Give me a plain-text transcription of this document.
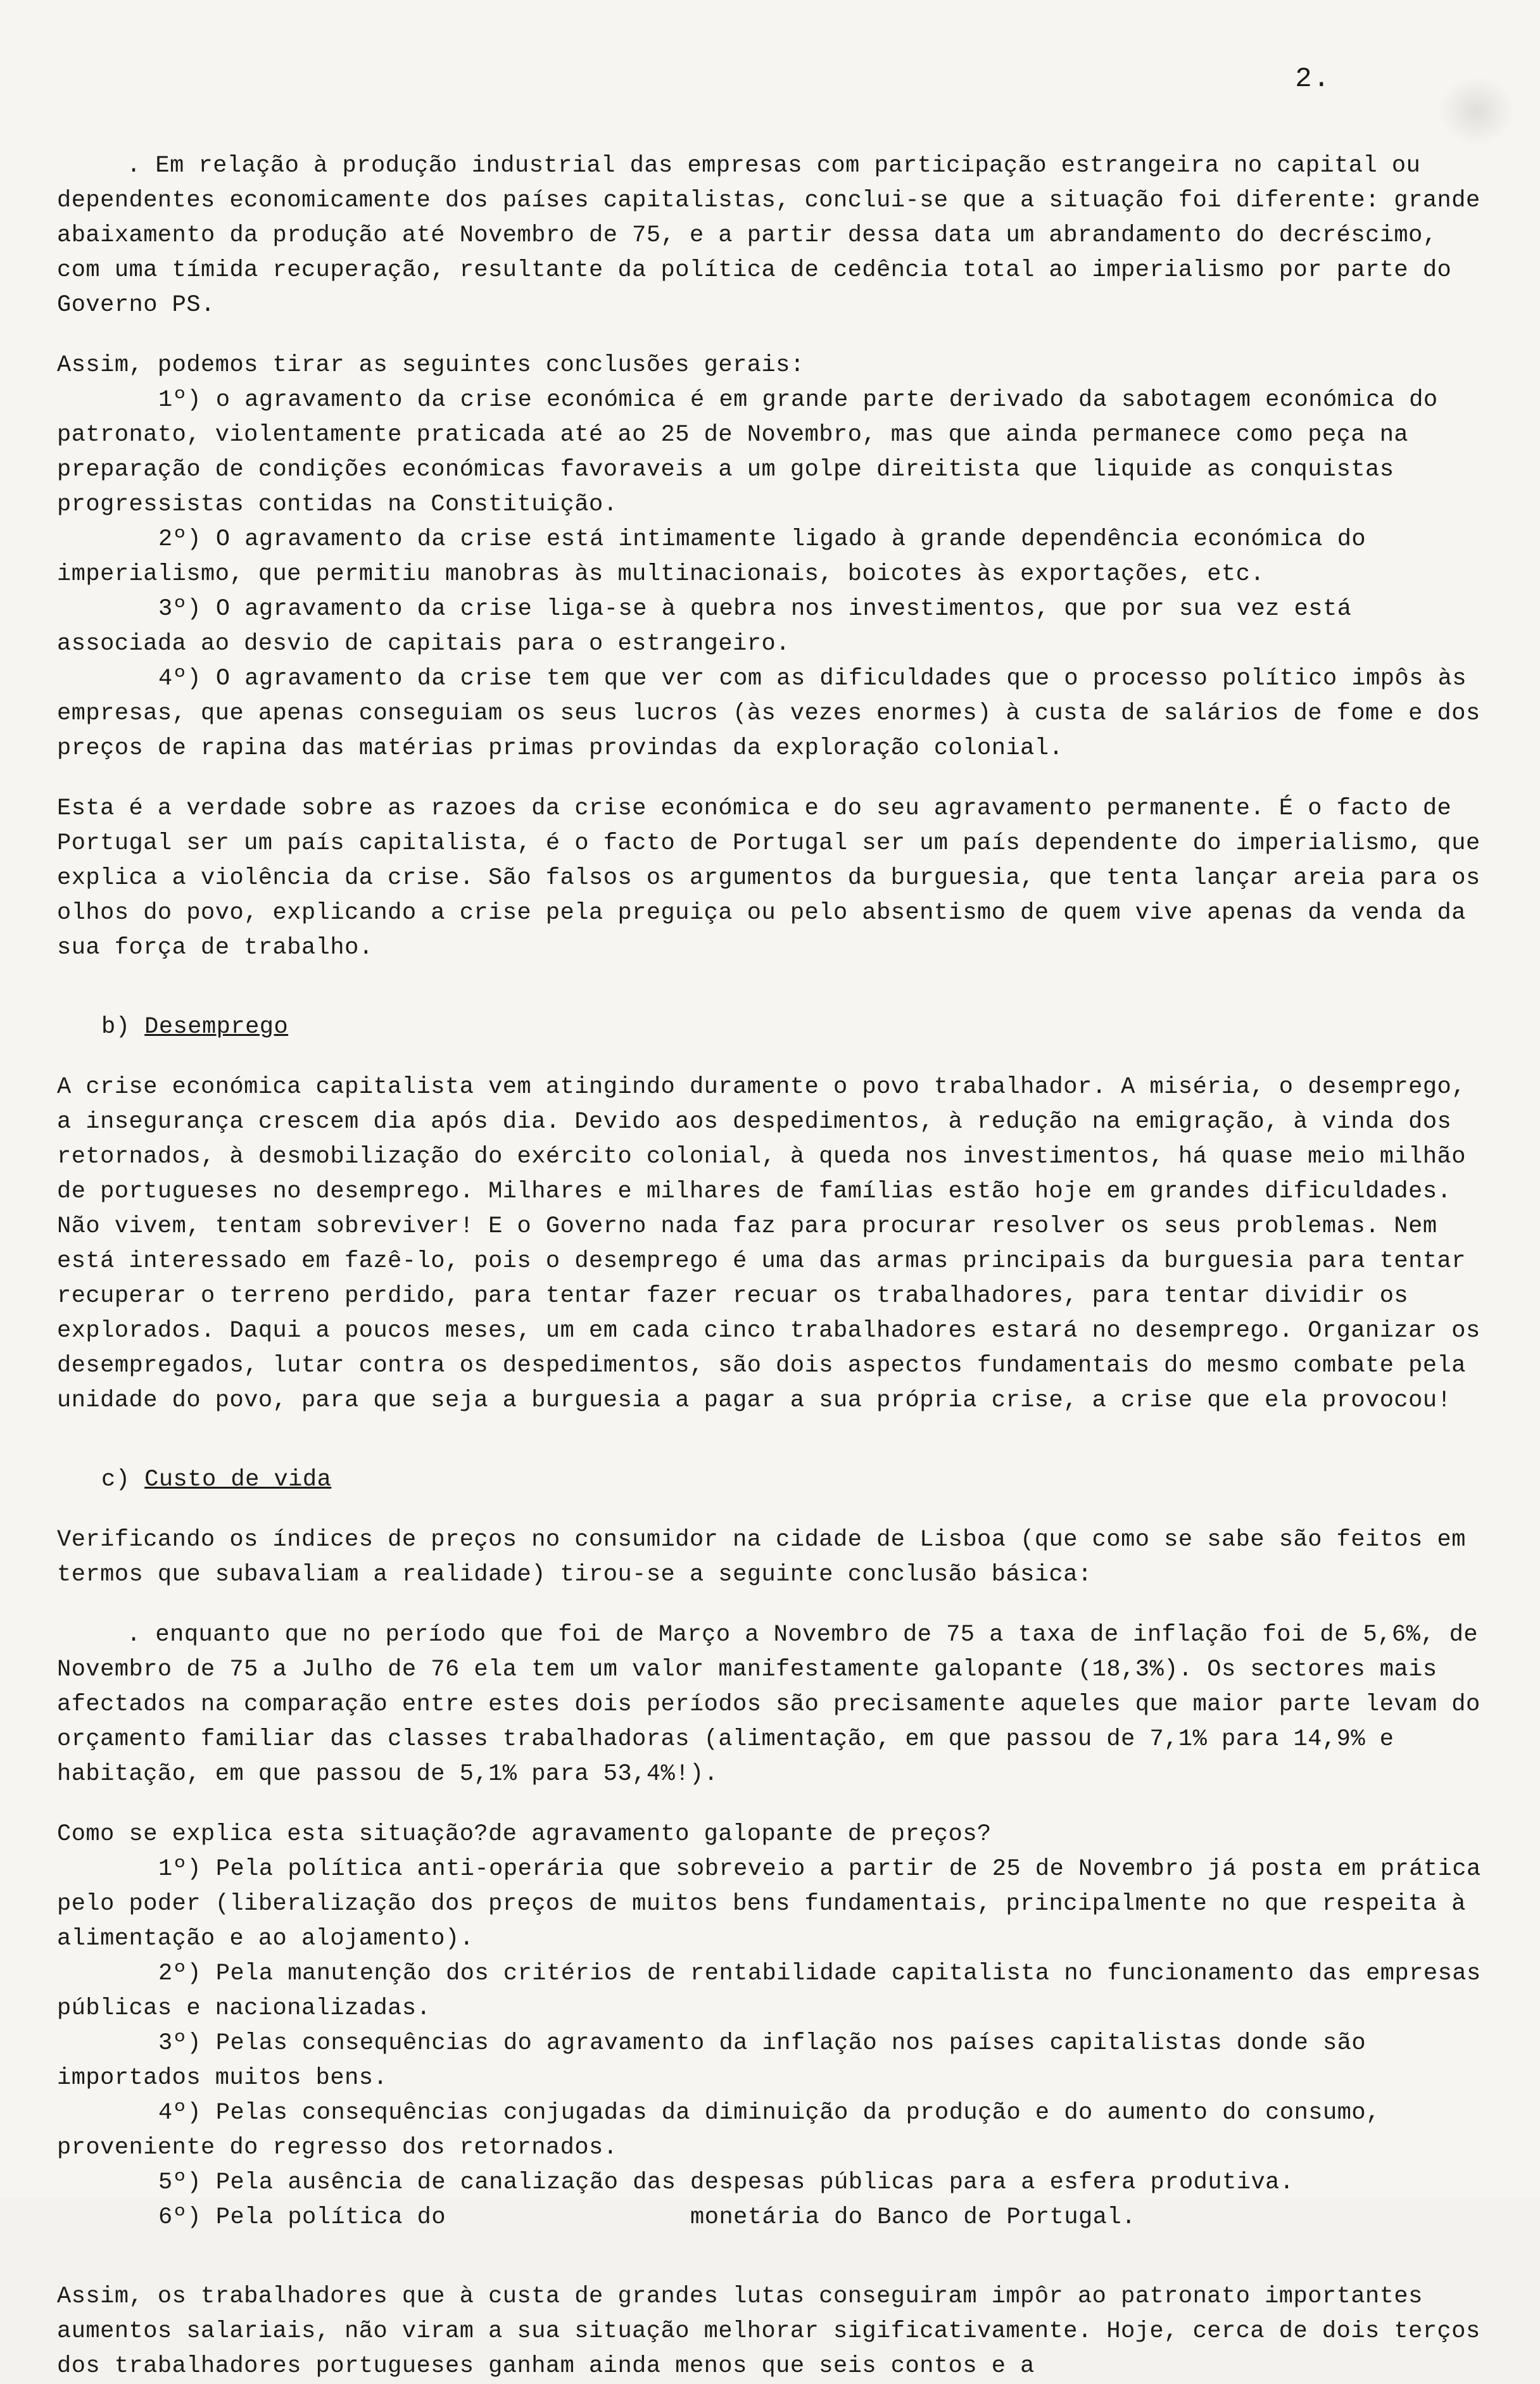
2.

. Em relação à produção industrial das empresas com participação estrangeira no capital ou dependentes economicamente dos países capitalistas, conclui-se que a situação foi diferente: grande abaixamento da produção até Novembro de 75, e a partir dessa data um abrandamento do decréscimo, com uma tímida recuperação, resultante da política de cedência total ao imperialismo por parte do Governo PS.

Assim, podemos tirar as seguintes conclusões gerais:

1º) o agravamento da crise económica é em grande parte derivado da sabotagem económica do patronato, violentamente praticada até ao 25 de Novembro, mas que ainda permanece como peça na preparação de condições económicas favoraveis a um golpe direitista que liquide as conquistas progressistas contidas na Constituição.

2º) O agravamento da crise está intimamente ligado à grande dependência económica do imperialismo, que permitiu manobras às multinacionais, boicotes às exportações, etc.

3º) O agravamento da crise liga-se à quebra nos investimentos, que por sua vez está associada ao desvio de capitais para o estrangeiro.

4º) O agravamento da crise tem que ver com as dificuldades que o processo político impôs às empresas, que apenas conseguiam os seus lucros (às vezes enormes) à custa de salários de fome e dos preços de rapina das matérias primas provindas da exploração colonial.

Esta é a verdade sobre as razoes da crise económica e do seu agravamento permanente. É o facto de Portugal ser um país capitalista, é o facto de Portugal ser um país dependente do imperialismo, que explica a violência da crise. São falsos os argumentos da burguesia, que tenta lançar areia para os olhos do povo, explicando a crise pela preguiça ou pelo absentismo de quem vive apenas da venda da sua força de trabalho.

b) Desemprego

A crise económica capitalista vem atingindo duramente o povo trabalhador. A miséria, o desemprego, a insegurança crescem dia após dia. Devido aos despedimentos, à redução na emigração, à vinda dos retornados, à desmobilização do exército colonial, à queda nos investimentos, há quase meio milhão de portugueses no desemprego. Milhares e milhares de famílias estão hoje em grandes dificuldades. Não vivem, tentam sobreviver! E o Governo nada faz para procurar resolver os seus problemas. Nem está interessado em fazê-lo, pois o desemprego é uma das armas principais da burguesia para tentar recuperar o terreno perdido, para tentar fazer recuar os trabalhadores, para tentar dividir os explorados. Daqui a poucos meses, um em cada cinco trabalhadores estará no desemprego. Organizar os desempregados, lutar contra os despedimentos, são dois aspectos fundamentais do mesmo combate pela unidade do povo, para que seja a burguesia a pagar a sua própria crise, a crise que ela provocou!

c) Custo de vida

Verificando os índices de preços no consumidor na cidade de Lisboa (que como se sabe são feitos em termos que subavaliam a realidade) tirou-se a seguinte conclusão básica:

. enquanto que no período que foi de Março a Novembro de 75 a taxa de inflação foi de 5,6%, de Novembro de 75 a Julho de 76 ela tem um valor manifestamente galopante (18,3%). Os sectores mais afectados na comparação entre estes dois períodos são precisamente aqueles que maior parte levam do orçamento familiar das classes trabalhadoras (alimentação, em que passou de 7,1% para 14,9% e habitação, em que passou de 5,1% para 53,4%!).

Como se explica esta situação?de agravamento galopante de preços?

1º) Pela política anti-operária que sobreveio a partir de 25 de Novembro já posta em prática pelo poder (liberalização dos preços de muitos bens fundamentais, principalmente no que respeita à alimentação e ao alojamento).

2º) Pela manutenção dos critérios de rentabilidade capitalista no funcionamento das empresas públicas e nacionalizadas.

3º) Pelas consequências do agravamento da inflação nos países capitalistas donde são importados muitos bens.

4º) Pelas consequências conjugadas da diminuição da produção e do aumento do consumo, proveniente do regresso dos retornados.

5º) Pela ausência de canalização das despesas públicas para a esfera produtiva.

6º) Pela política do                 monetária do Banco de Portugal.

Assim, os trabalhadores que à custa de grandes lutas conseguiram impôr ao patronato importantes aumentos salariais, não viram a sua situação melhorar sigificativamente. Hoje, cerca de dois terços dos trabalhadores portugueses ganham ainda menos que seis contos e a
